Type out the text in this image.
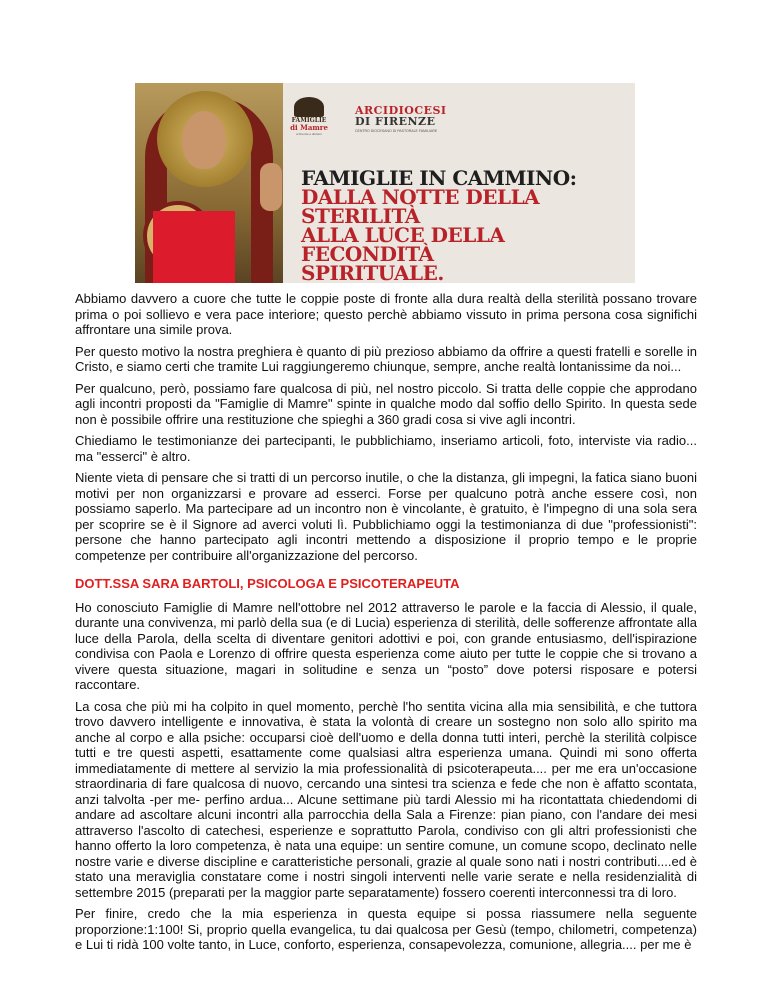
FAMIGLIE
di Mamre
a Firenze e dintorni
ARCIDIOCESI
DI FIRENZE
CENTRO DIOCESANO DI PASTORALE FAMILIARE
FAMIGLIE IN CAMMINO:
DALLA NOTTE DELLA STERILITÀ
ALLA LUCE DELLA FECONDITÀ
SPIRITUALE.

Abbiamo davvero a cuore che tutte le coppie poste di fronte alla dura realtà della sterilità possano trovare prima o poi sollievo e vera pace interiore; questo perchè abbiamo vissuto in prima persona cosa significhi affrontare una simile prova.

Per questo motivo la nostra preghiera è quanto di più prezioso abbiamo da offrire a questi fratelli e sorelle in Cristo, e siamo certi che tramite Lui raggiungeremo chiunque, sempre, anche realtà lontanissime da noi...

Per qualcuno, però, possiamo fare qualcosa di più, nel nostro piccolo. Si tratta delle coppie che approdano agli incontri proposti da "Famiglie di Mamre" spinte in qualche modo dal soffio dello Spirito. In questa sede non è possibile offrire una restituzione che spieghi a 360 gradi cosa si vive agli incontri.

Chiediamo le testimonianze dei partecipanti, le pubblichiamo, inseriamo articoli, foto, interviste via radio... ma "esserci" è altro.

Niente vieta di pensare che si tratti di un percorso inutile, o che la distanza, gli impegni, la fatica siano buoni motivi per non organizzarsi e provare ad esserci. Forse per qualcuno potrà anche essere così, non possiamo saperlo. Ma partecipare ad un incontro non è vincolante, è gratuito, è l'impegno di una sola sera per scoprire se è il Signore ad averci voluti lì. Pubblichiamo oggi la testimonianza di due "professionisti": persone che hanno partecipato agli incontri mettendo a disposizione il proprio tempo e le proprie competenze per contribuire all'organizzazione del percorso.

DOTT.SSA SARA BARTOLI, PSICOLOGA E PSICOTERAPEUTA

Ho conosciuto Famiglie di Mamre nell'ottobre nel 2012 attraverso le parole e la faccia di Alessio, il quale, durante una convivenza, mi parlò della sua (e di Lucia) esperienza di sterilità, delle sofferenze affrontate alla luce della Parola, della scelta di diventare genitori adottivi e poi, con grande entusiasmo, dell'ispirazione condivisa con Paola e Lorenzo di offrire questa esperienza come aiuto per tutte le coppie che si trovano a vivere questa situazione, magari in solitudine e senza un “posto” dove potersi risposare e potersi raccontare.

La cosa che più mi ha colpito in quel momento, perchè l'ho sentita vicina alla mia sensibilità, e che tuttora trovo davvero intelligente e innovativa, è stata la volontà di creare un sostegno non solo allo spirito ma anche al corpo e alla psiche: occuparsi cioè dell'uomo e della donna tutti interi, perchè la sterilità colpisce tutti e tre questi aspetti, esattamente come qualsiasi altra esperienza umana. Quindi mi sono offerta immediatamente di mettere al servizio la mia professionalità di psicoterapeuta.... per me era un'occasione straordinaria di fare qualcosa di nuovo, cercando una sintesi tra scienza e fede che non è affatto scontata, anzi talvolta -per me- perfino ardua... Alcune settimane più tardi Alessio mi ha ricontattata chiedendomi di andare ad ascoltare alcuni incontri alla parrocchia della Sala a Firenze: pian piano, con l'andare dei mesi attraverso l'ascolto di catechesi, esperienze e soprattutto Parola, condiviso con gli altri professionisti che hanno offerto la loro competenza, è nata una equipe: un sentire comune, un comune scopo, declinato nelle nostre varie e diverse discipline e caratteristiche personali, grazie al quale sono nati i nostri contributi....ed è stato una meraviglia constatare come i nostri singoli interventi nelle varie serate e nella residenzialità di settembre 2015 (preparati per la maggior parte separatamente) fossero coerenti interconnessi tra di loro.

Per finire, credo che la mia esperienza in questa equipe si possa riassumere nella seguente proporzione:1:100! Si, proprio quella evangelica, tu dai qualcosa per Gesù (tempo, chilometri, competenza) e Lui ti ridà 100 volte tanto, in Luce, conforto, esperienza, consapevolezza, comunione, allegria.... per me è
